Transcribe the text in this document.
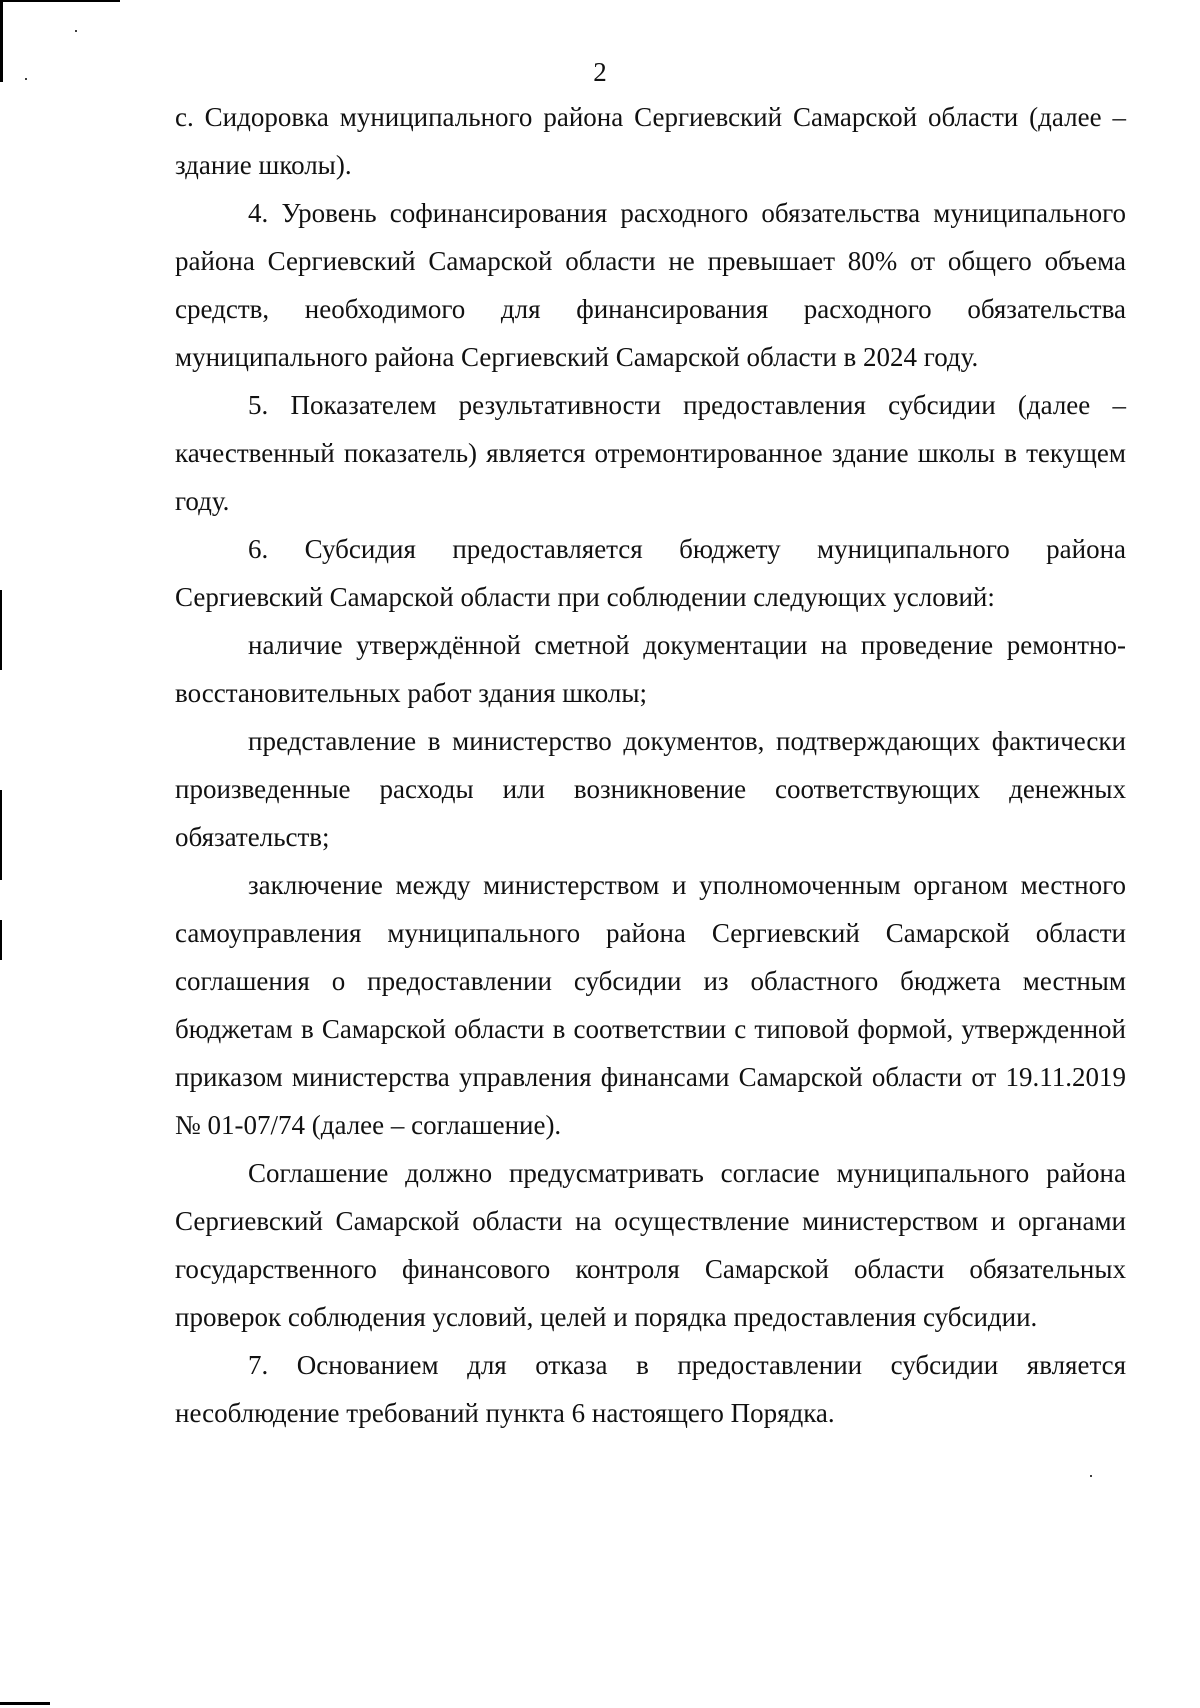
2

с. Сидоровка муниципального района Сергиевский Самарской области (далее – здание школы).

4. Уровень софинансирования расходного обязательства муниципального района Сергиевский Самарской области не превышает 80% от общего объема средств, необходимого для финансирования расходного обязательства муниципального района Сергиевский Самарской области в 2024 году.

5. Показателем результативности предоставления субсидии (далее – качественный показатель) является отремонтированное здание школы в текущем году.

6. Субсидия предоставляется бюджету муниципального района Сергиевский Самарской области при соблюдении следующих условий:

наличие утверждённой сметной документации на проведение ремонтно-восстановительных работ здания школы;

представление в министерство документов, подтверждающих фактически произведенные расходы или возникновение соответствующих денежных обязательств;

заключение между министерством и уполномоченным органом местного самоуправления муниципального района Сергиевский Самарской области соглашения о предоставлении субсидии из областного бюджета местным бюджетам в Самарской области в соответствии с типовой формой, утвержденной приказом министерства управления финансами Самарской области от 19.11.2019 № 01-07/74 (далее – соглашение).

Соглашение должно предусматривать согласие муниципального района Сергиевский Самарской области на осуществление министерством и органами государственного финансового контроля Самарской области обязательных проверок соблюдения условий, целей и порядка предоставления субсидии.

7. Основанием для отказа в предоставлении субсидии является несоблюдение требований пункта 6 настоящего Порядка.
